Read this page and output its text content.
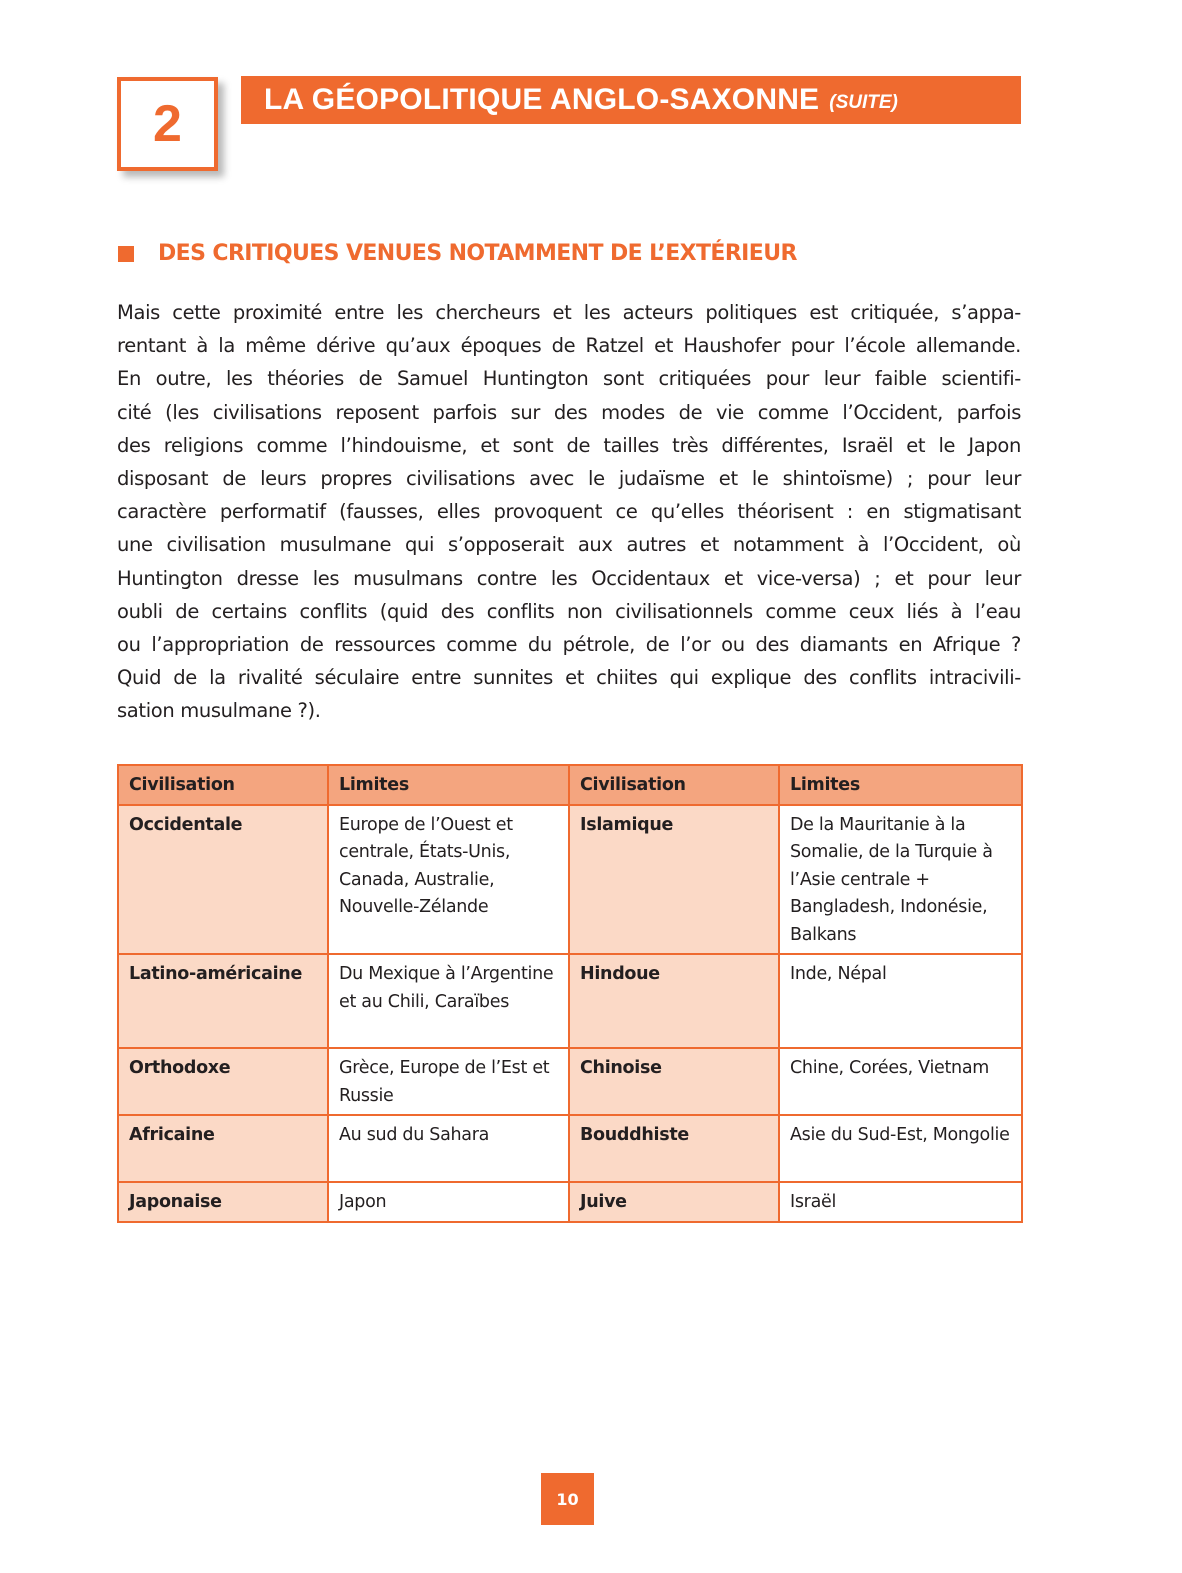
2	LA GÉOPOLITIQUE ANGLO-SAXONNE (SUITE)
DES CRITIQUES VENUES NOTAMMENT DE L’EXTÉRIEUR
Mais cette proximité entre les chercheurs et les acteurs politiques est critiquée, s’appa-
rentant à la même dérive qu’aux époques de Ratzel et Haushofer pour l’école allemande.
En outre, les théories de Samuel Huntington sont critiquées pour leur faible scientifi-
cité (les civilisations reposent parfois sur des modes de vie comme l’Occident, parfois
des religions comme l’hindouisme, et sont de tailles très différentes, Israël et le Japon
disposant de leurs propres civilisations avec le judaïsme et le shintoïsme) ; pour leur
caractère performatif (fausses, elles provoquent ce qu’elles théorisent : en stigmatisant
une civilisation musulmane qui s’opposerait aux autres et notamment à l’Occident, où
Huntington dresse les musulmans contre les Occidentaux et vice-versa) ; et pour leur
oubli de certains conflits (quid des conflits non civilisationnels comme ceux liés à l’eau
ou l’appropriation de ressources comme du pétrole, de l’or ou des diamants en Afrique ?
Quid de la rivalité séculaire entre sunnites et chiites qui explique des conflits intracivili-
sation musulmane ?).
Civilisation	Limites	Civilisation	Limites
Occidentale	Europe de l’Ouest et centrale, États-Unis, Canada, Australie, Nouvelle-Zélande	Islamique	De la Mauritanie à la Somalie, de la Turquie à l’Asie centrale + Bangladesh, Indonésie, Balkans
Latino-américaine	Du Mexique à l’Argentine et au Chili, Caraïbes	Hindoue	Inde, Népal
Orthodoxe	Grèce, Europe de l’Est et Russie	Chinoise	Chine, Corées, Vietnam
Africaine	Au sud du Sahara	Bouddhiste	Asie du Sud-Est, Mongolie
Japonaise	Japon	Juive	Israël
10
